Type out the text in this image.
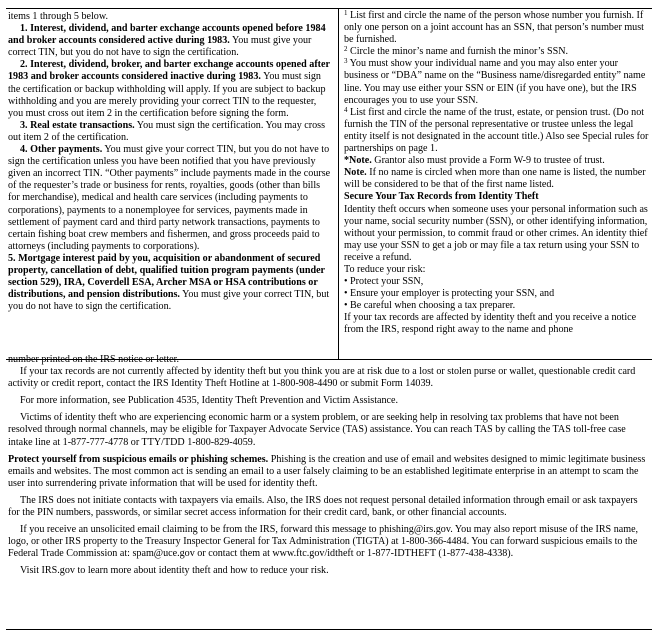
items 1 through 5 below.

1. Interest, dividend, and barter exchange accounts opened before 1984 and broker accounts considered active during 1983. You must give your correct TIN, but you do not have to sign the certification.

2. Interest, dividend, broker, and barter exchange accounts opened after 1983 and broker accounts considered inactive during 1983. You must sign the certification or backup withholding will apply. If you are subject to backup withholding and you are merely providing your correct TIN to the requester, you must cross out item 2 in the certification before signing the form.

3. Real estate transactions. You must sign the certification. You may cross out item 2 of the certification.

4. Other payments. You must give your correct TIN, but you do not have to sign the certification unless you have been notified that you have previously given an incorrect TIN. “Other payments” include payments made in the course of the requester’s trade or business for rents, royalties, goods (other than bills for merchandise), medical and health care services (including payments to corporations), payments to a nonemployee for services, payments made in settlement of payment card and third party network transactions, payments to certain fishing boat crew members and fishermen, and gross proceeds paid to attorneys (including payments to corporations).

5. Mortgage interest paid by you, acquisition or abandonment of secured property, cancellation of debt, qualified tuition program payments (under section 529), IRA, Coverdell ESA, Archer MSA or HSA contributions or distributions, and pension distributions. You must give your correct TIN, but you do not have to sign the certification.

$^1$ List first and circle the name of the person whose number you furnish. If only one person on a joint account has an SSN, that person’s number must be furnished.

$^2$ Circle the minor’s name and furnish the minor’s SSN.

$^3$ You must show your individual name and you may also enter your business or “DBA” name on the “Business name/disregarded entity” name line. You may use either your SSN or EIN (if you have one), but the IRS encourages you to use your SSN.

$^4$ List first and circle the name of the trust, estate, or pension trust. (Do not furnish the TIN of the personal representative or trustee unless the legal entity itself is not designated in the account title.) Also see Special rules for partnerships on page 1.

*Note. Grantor also must provide a Form W-9 to trustee of trust.

Note. If no name is circled when more than one name is listed, the number will be considered to be that of the first name listed.

Secure Your Tax Records from Identity Theft

Identity theft occurs when someone uses your personal information such as your name, social security number (SSN), or other identifying information, without your permission, to commit fraud or other crimes. An identity thief may use your SSN to get a job or may file a tax return using your SSN to receive a refund.

To reduce your risk:

• Protect your SSN,
• Ensure your employer is protecting your SSN, and
• Be careful when choosing a tax preparer.

If your tax records are affected by identity theft and you receive a notice from the IRS, respond right away to the name and phone

number printed on the IRS notice or letter.

If your tax records are not currently affected by identity theft but you think you are at risk due to a lost or stolen purse or wallet, questionable credit card activity or credit report, contact the IRS Identity Theft Hotline at 1-800-908-4490 or submit Form 14039.

For more information, see Publication 4535, Identity Theft Prevention and Victim Assistance.

Victims of identity theft who are experiencing economic harm or a system problem, or are seeking help in resolving tax problems that have not been resolved through normal channels, may be eligible for Taxpayer Advocate Service (TAS) assistance. You can reach TAS by calling the TAS toll-free case intake line at 1-877-777-4778 or TTY/TDD 1-800-829-4059.

Protect yourself from suspicious emails or phishing schemes. Phishing is the creation and use of email and websites designed to mimic legitimate business emails and websites. The most common act is sending an email to a user falsely claiming to be an established legitimate enterprise in an attempt to scam the user into surrendering private information that will be used for identity theft.

The IRS does not initiate contacts with taxpayers via emails. Also, the IRS does not request personal detailed information through email or ask taxpayers for the PIN numbers, passwords, or similar secret access information for their credit card, bank, or other financial accounts.

If you receive an unsolicited email claiming to be from the IRS, forward this message to phishing@irs.gov. You may also report misuse of the IRS name, logo, or other IRS property to the Treasury Inspector General for Tax Administration (TIGTA) at 1-800-366-4484. You can forward suspicious emails to the Federal Trade Commission at: spam@uce.gov or contact them at www.ftc.gov/idtheft or 1-877-IDTHEFT (1-877-438-4338).

Visit IRS.gov to learn more about identity theft and how to reduce your risk.
